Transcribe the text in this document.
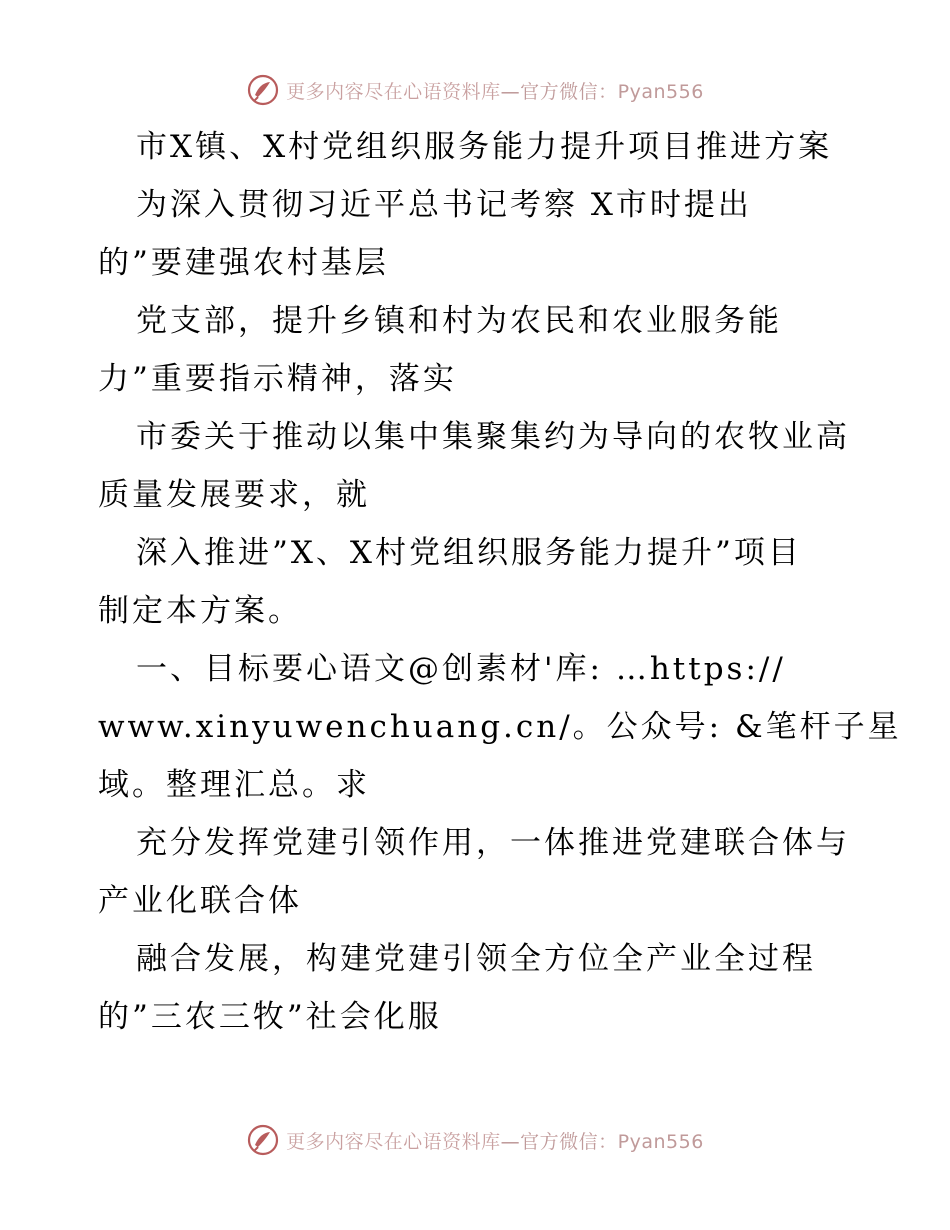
更多内容尽在心语资料库—官方微信：Pyan556
市X镇、X村党组织服务能力提升项目推进方案
为深入贯彻习近平总书记考察 X市时提出
的”要建强农村基层
党支部，提升乡镇和村为农民和农业服务能
力”重要指示精神，落实
市委关于推动以集中集聚集约为导向的农牧业高
质量发展要求，就
深入推进”X、X村党组织服务能力提升”项目
制定本方案。
一、目标要心语文@创素材'库: …https://
www.xinyuwenchuang.cn/。公众号: &笔杆子星
域。整理汇总。求
充分发挥党建引领作用，一体推进党建联合体与
产业化联合体
融合发展，构建党建引领全方位全产业全过程
的”三农三牧”社会化服
更多内容尽在心语资料库—官方微信：Pyan556
